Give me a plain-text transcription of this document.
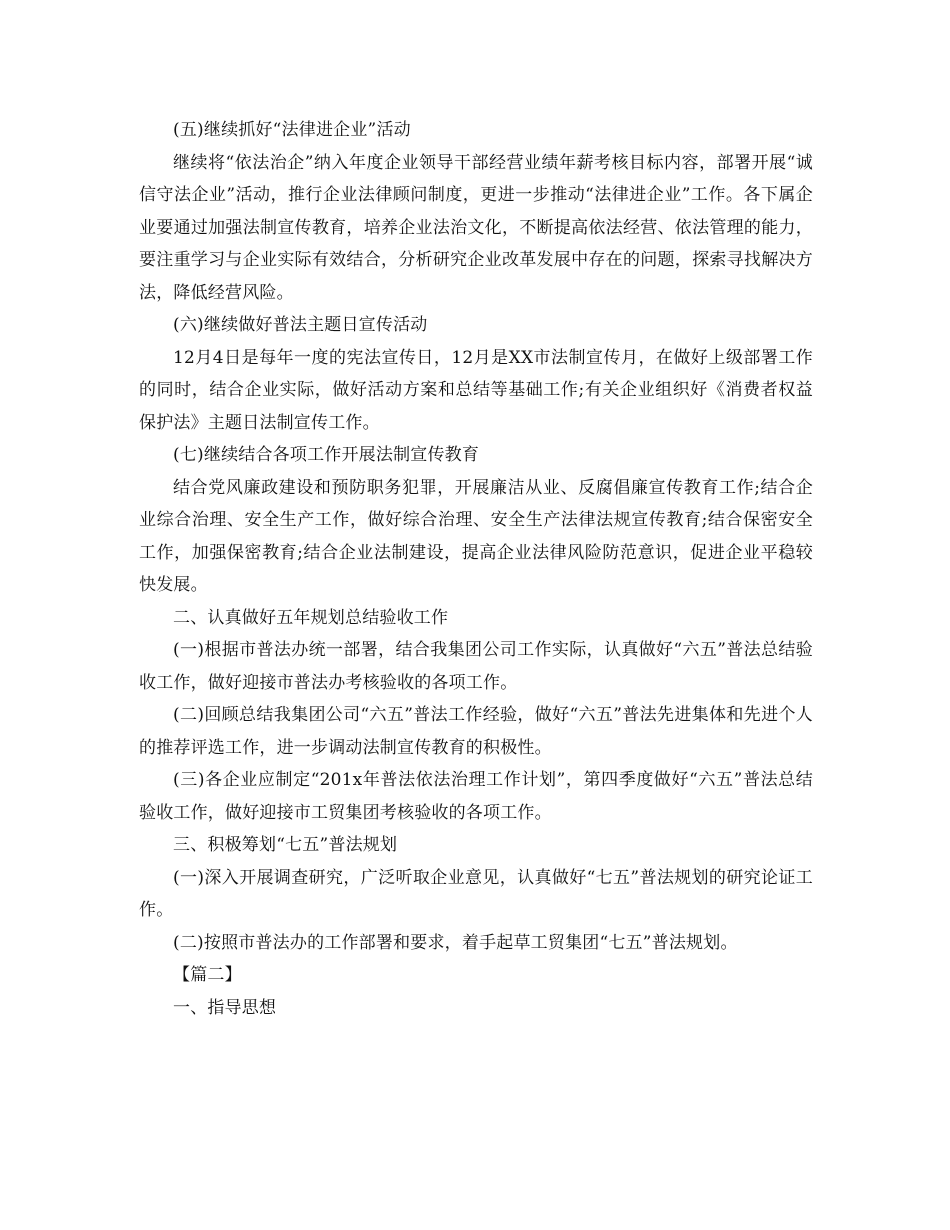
(五)继续抓好“法律进企业”活动

继续将“依法治企”纳入年度企业领导干部经营业绩年薪考核目标内容，部署开展“诚信守法企业”活动，推行企业法律顾问制度，更进一步推动“法律进企业”工作。各下属企业要通过加强法制宣传教育，培养企业法治文化，不断提高依法经营、依法管理的能力，要注重学习与企业实际有效结合，分析研究企业改革发展中存在的问题，探索寻找解决方法，降低经营风险。

(六)继续做好普法主题日宣传活动

12月4日是每年一度的宪法宣传日，12月是XX市法制宣传月，在做好上级部署工作的同时，结合企业实际，做好活动方案和总结等基础工作;有关企业组织好《消费者权益保护法》主题日法制宣传工作。

(七)继续结合各项工作开展法制宣传教育

结合党风廉政建设和预防职务犯罪，开展廉洁从业、反腐倡廉宣传教育工作;结合企业综合治理、安全生产工作，做好综合治理、安全生产法律法规宣传教育;结合保密安全工作，加强保密教育;结合企业法制建设，提高企业法律风险防范意识，促进企业平稳较快发展。

二、认真做好五年规划总结验收工作

(一)根据市普法办统一部署，结合我集团公司工作实际，认真做好“六五”普法总结验收工作，做好迎接市普法办考核验收的各项工作。

(二)回顾总结我集团公司“六五”普法工作经验，做好“六五”普法先进集体和先进个人的推荐评选工作，进一步调动法制宣传教育的积极性。

(三)各企业应制定“201x年普法依法治理工作计划”，第四季度做好“六五”普法总结验收工作，做好迎接市工贸集团考核验收的各项工作。

三、积极筹划“七五”普法规划

(一)深入开展调查研究，广泛听取企业意见，认真做好“七五”普法规划的研究论证工作。

(二)按照市普法办的工作部署和要求，着手起草工贸集团“七五”普法规划。

【篇二】

一、指导思想
